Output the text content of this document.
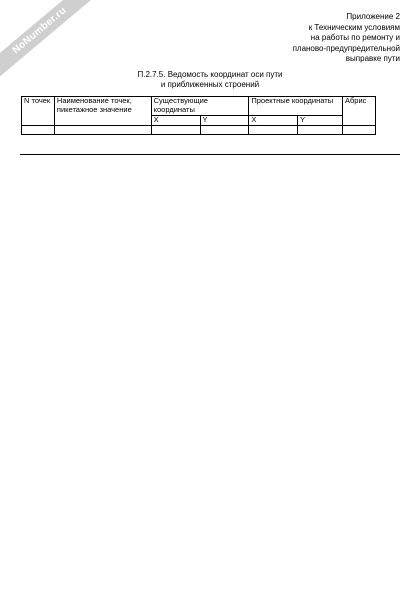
NoNumber.ru	Приложение 2
к Техническим условиям
на работы по ремонту и
планово-предупредительной
выправке пути
П.2.7.5. Ведомость координат оси пути
и приближенных строений
N точек	Наименование точек, пикетажное значение	Существующие координаты		Проектные координаты		Абрис
		X	Y	X	Y	
